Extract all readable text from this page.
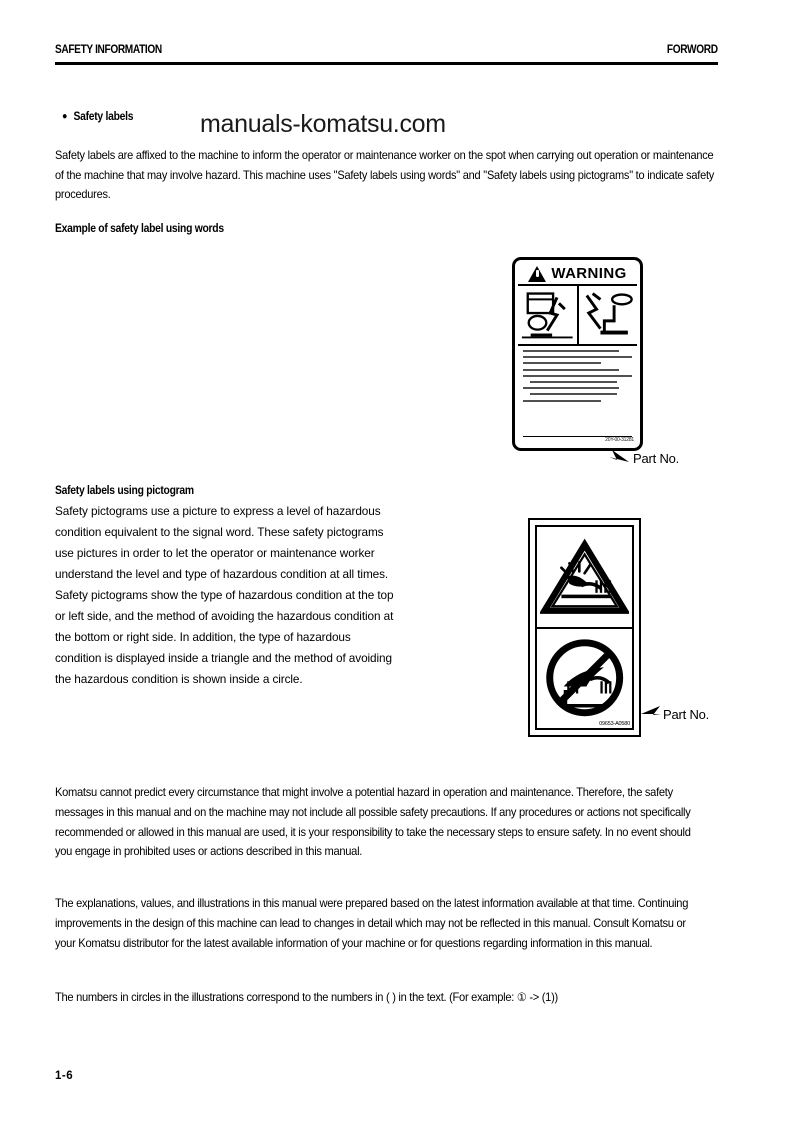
SAFETY INFORMATION	FORWORD
manuals-komatsu.com
● Safety labels
Safety labels are affixed to the machine to inform the operator or maintenance worker on the spot when carrying out operation or maintenance of the machine that may involve hazard. This machine uses "Safety labels using words" and "Safety labels using pictograms" to indicate safety procedures.
Example of safety label using words
WARNING
20Y-00-31281
Part No.
Safety labels using pictogram
Safety pictograms use a picture to express a level of hazardous
condition equivalent to the signal word. These safety pictograms
use pictures in order to let the operator or maintenance worker
understand the level and type of hazardous condition at all times.
Safety pictograms show the type of hazardous condition at the top
or left side, and the method of avoiding the hazardous condition at
the bottom or right side. In addition, the type of hazardous
condition is displayed inside a triangle and the method of avoiding
the hazardous condition is shown inside a circle.
09653-A0580
Part No.
Komatsu cannot predict every circumstance that might involve a potential hazard in operation and maintenance. Therefore, the safety messages in this manual and on the machine may not include all possible safety precautions. If any procedures or actions not specifically recommended or allowed in this manual are used, it is your responsibility to take the necessary steps to ensure safety. In no event should you engage in prohibited uses or actions described in this manual.
The explanations, values, and illustrations in this manual were prepared based on the latest information available at that time. Continuing improvements in the design of this machine can lead to changes in detail which may not be reflected in this manual. Consult Komatsu or your Komatsu distributor for the latest available information of your machine or for questions regarding information in this manual.
The numbers in circles in the illustrations correspond to the numbers in ( ) in the text. (For example: ① -> (1))
1-6
